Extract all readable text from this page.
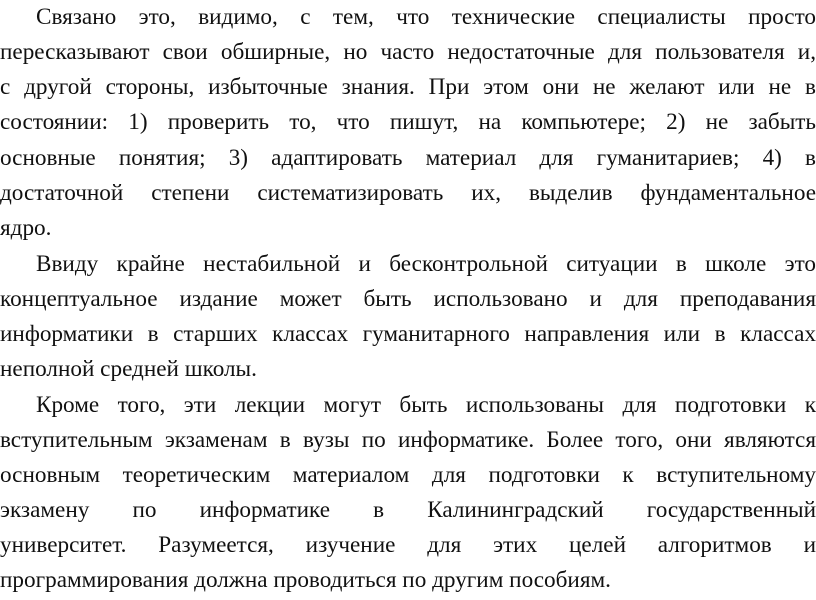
Связано это, видимо, с тем, что технические специалисты просто
пересказывают свои обширные, но часто недостаточные для пользователя и,
с другой стороны, избыточные знания. При этом они не желают или не в
состоянии: 1) проверить то, что пишут, на компьютере; 2) не забыть
основные понятия; 3) адаптировать материал для гуманитариев; 4) в
достаточной степени систематизировать их, выделив фундаментальное
ядро.
Ввиду крайне нестабильной и бесконтрольной ситуации в школе это
концептуальное издание может быть использовано и для преподавания
информатики в старших классах гуманитарного направления или в классах
неполной средней школы.
Кроме того, эти лекции могут быть использованы для подготовки к
вступительным экзаменам в вузы по информатике. Более того, они являются
основным теоретическим материалом для подготовки к вступительному
экзамену по информатике в Калининградский государственный
университет. Разумеется, изучение для этих целей алгоритмов и
программирования должна проводиться по другим пособиям.
